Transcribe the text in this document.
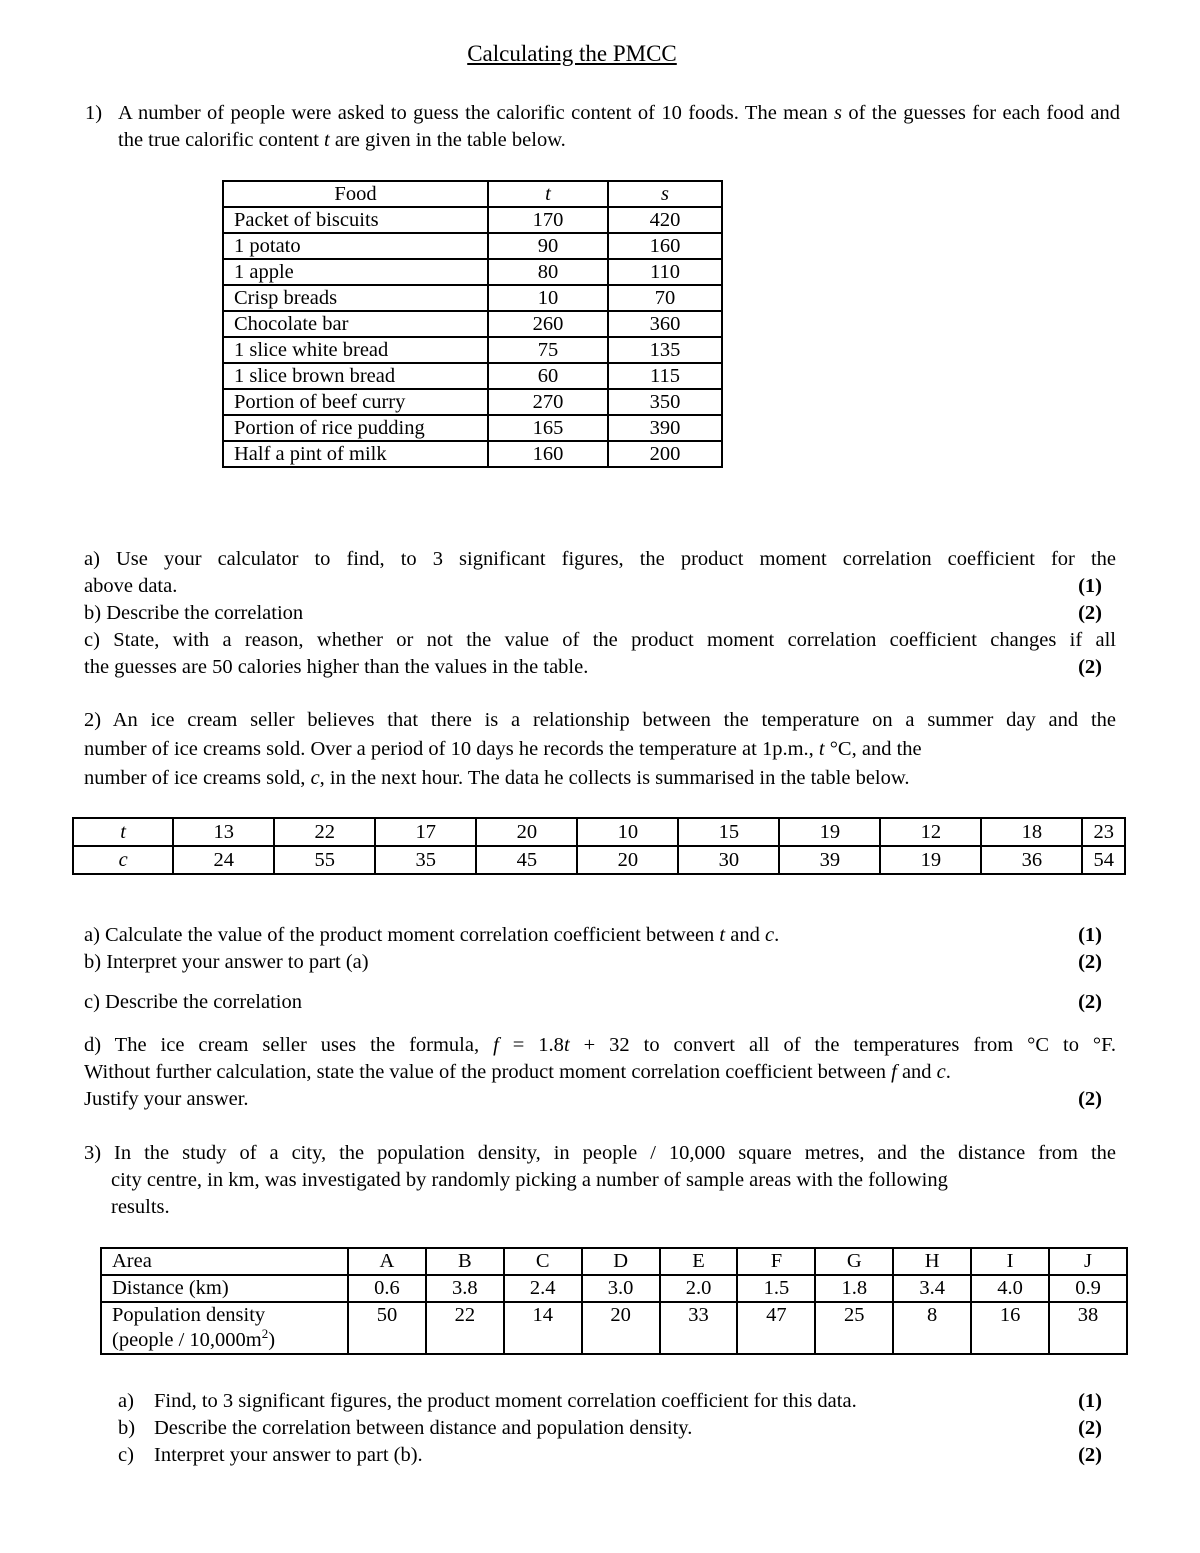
Calculating the PMCC
1) A number of people were asked to guess the calorific content of 10 foods. The mean s of the guesses for each food and the true calorific content t are given in the table below.
Food	t	s
Packet of biscuits	170	420
1 potato	90	160
1 apple	80	110
Crisp breads	10	70
Chocolate bar	260	360
1 slice white bread	75	135
1 slice brown bread	60	115
Portion of beef curry	270	350
Portion of rice pudding	165	390
Half a pint of milk	160	200
a) Use your calculator to find, to 3 significant figures, the product moment correlation coefficient for the
above data.	(1)
b) Describe the correlation	(2)
c) State, with a reason, whether or not the value of the product moment correlation coefficient changes if all
the guesses are 50 calories higher than the values in the table.	(2)
2) An ice cream seller believes that there is a relationship between the temperature on a summer day and the
number of ice creams sold. Over a period of 10 days he records the temperature at 1p.m., t °C, and the
number of ice creams sold, c, in the next hour. The data he collects is summarised in the table below.
t	13	22	17	20	10	15	19	12	18	23
c	24	55	35	45	20	30	39	19	36	54
a) Calculate the value of the product moment correlation coefficient between t and c.	(1)
b) Interpret your answer to part (a)	(2)
c) Describe the correlation	(2)
d) The ice cream seller uses the formula, f = 1.8t + 32 to convert all of the temperatures from °C to °F.
Without further calculation, state the value of the product moment correlation coefficient between f and c.
Justify your answer.	(2)
3) In the study of a city, the population density, in people / 10,000 square metres, and the distance from the
city centre, in km, was investigated by randomly picking a number of sample areas with the following
results.
Area	A	B	C	D	E	F	G	H	I	J
Distance (km)	0.6	3.8	2.4	3.0	2.0	1.5	1.8	3.4	4.0	0.9
Population density
(people / $10,000m^2$)	50	22	14	20	33	47	25	8	16	38
a) Find, to 3 significant figures, the product moment correlation coefficient for this data.	(1)
b) Describe the correlation between distance and population density.	(2)
c) Interpret your answer to part (b).	(2)
